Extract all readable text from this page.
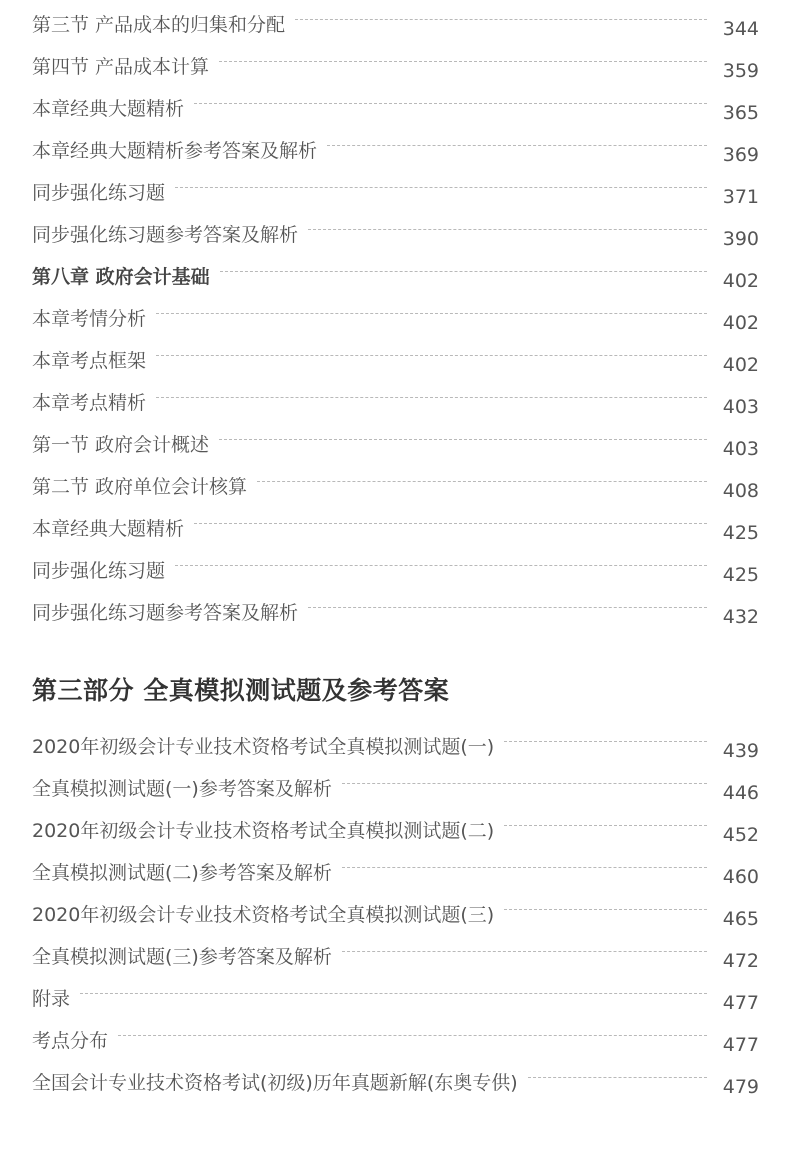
第三节 产品成本的归集和分配	344
第四节 产品成本计算	359
本章经典大题精析	365
本章经典大题精析参考答案及解析	369
同步强化练习题	371
同步强化练习题参考答案及解析	390
第八章 政府会计基础	402
本章考情分析	402
本章考点框架	402
本章考点精析	403
第一节 政府会计概述	403
第二节 政府单位会计核算	408
本章经典大题精析	425
同步强化练习题	425
同步强化练习题参考答案及解析	432
第三部分 全真模拟测试题及参考答案
2020年初级会计专业技术资格考试全真模拟测试题(一)	439
全真模拟测试题(一)参考答案及解析	446
2020年初级会计专业技术资格考试全真模拟测试题(二)	452
全真模拟测试题(二)参考答案及解析	460
2020年初级会计专业技术资格考试全真模拟测试题(三)	465
全真模拟测试题(三)参考答案及解析	472
附录	477
考点分布	477
全国会计专业技术资格考试(初级)历年真题新解(东奥专供)	479
